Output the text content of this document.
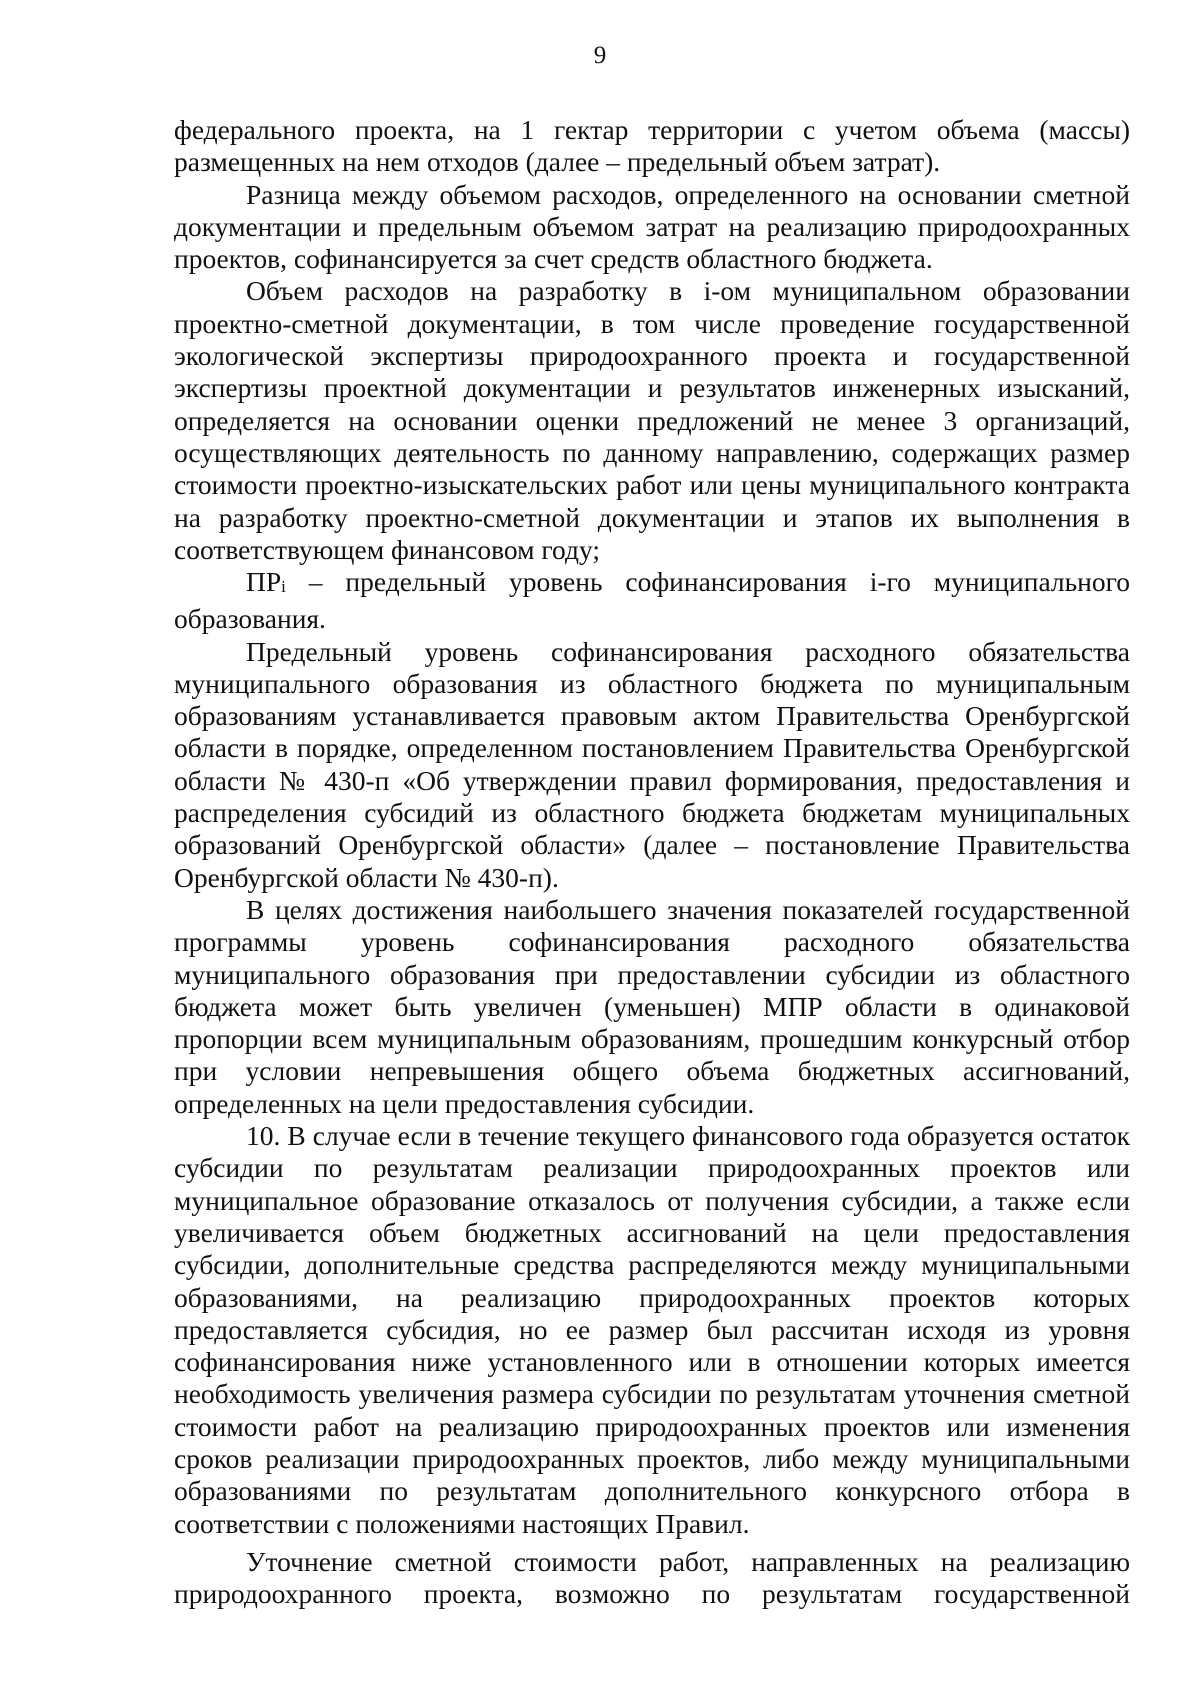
9

федерального проекта, на 1 гектар территории с учетом объема (массы) размещенных на нем отходов (далее – предельный объем затрат).

Разница между объемом расходов, определенного на основании сметной документации и предельным объемом затрат на реализацию природоохранных проектов, софинансируется за счет средств областного бюджета.

Объем расходов на разработку в i-ом муниципальном образовании проектно-сметной документации, в том числе проведение государственной экологической экспертизы природоохранного проекта и государственной экспертизы проектной документации и результатов инженерных изысканий, определяется на основании оценки предложений не менее 3 организаций, осуществляющих деятельность по данному направлению, содержащих размер стоимости проектно-изыскательских работ или цены муниципального контракта на разработку проектно-сметной документации и этапов их выполнения в соответствующем финансовом году;

ПРi – предельный уровень софинансирования i-го муниципального образования.

Предельный уровень софинансирования расходного обязательства муниципального образования из областного бюджета по муниципальным образованиям устанавливается правовым актом Правительства Оренбургской области в порядке, определенном постановлением Правительства Оренбургской области № 430-п «Об утверждении правил формирования, предоставления и распределения субсидий из областного бюджета бюджетам муниципальных образований Оренбургской области» (далее – постановление Правительства Оренбургской области № 430-п).

В целях достижения наибольшего значения показателей государственной программы уровень софинансирования расходного обязательства муниципального образования при предоставлении субсидии из областного бюджета может быть увеличен (уменьшен) МПР области в одинаковой пропорции всем муниципальным образованиям, прошедшим конкурсный отбор при условии непревышения общего объема бюджетных ассигнований, определенных на цели предоставления субсидии.

10. В случае если в течение текущего финансового года образуется остаток субсидии по результатам реализации природоохранных проектов или муниципальное образование отказалось от получения субсидии, а также если увеличивается объем бюджетных ассигнований на цели предоставления субсидии, дополнительные средства распределяются между муниципальными образованиями, на реализацию природоохранных проектов которых предоставляется субсидия, но ее размер был рассчитан исходя из уровня софинансирования ниже установленного или в отношении которых имеется необходимость увеличения размера субсидии по результатам уточнения сметной стоимости работ на реализацию природоохранных проектов или изменения сроков реализации природоохранных проектов, либо между муниципальными образованиями по результатам дополнительного конкурсного отбора в соответствии с положениями настоящих Правил.

Уточнение сметной стоимости работ, направленных на реализацию природоохранного проекта, возможно по результатам государственной
